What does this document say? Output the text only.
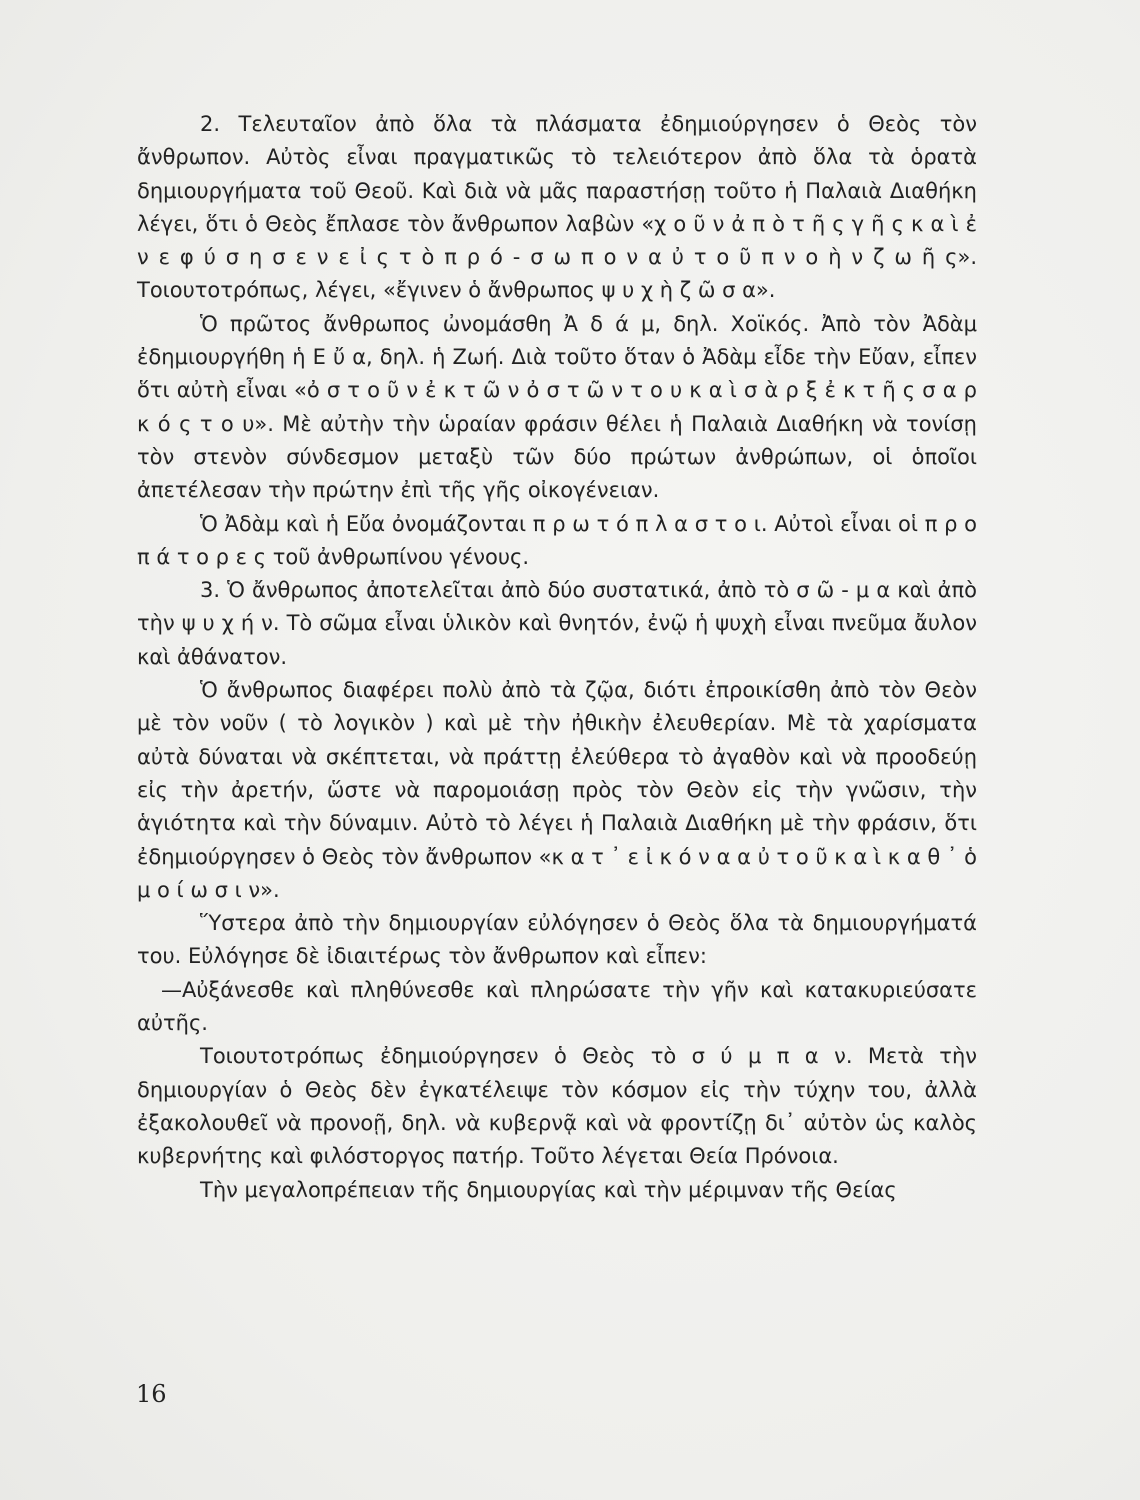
2. Τελευταῖον ἀπὸ ὅλα τὰ πλάσματα ἐδημιούργησεν ὁ Θεὸς τὸν ἄνθρωπον. Αὐτὸς εἶναι πραγματικῶς τὸ τελειότερον ἀπὸ ὅλα τὰ ὁρατὰ δημιουργήματα τοῦ Θεοῦ. Καὶ διὰ νὰ μᾶς παραστήσῃ τοῦτο ἡ Παλαιὰ Διαθήκη λέγει, ὅτι ὁ Θεὸς ἔπλασε τὸν ἄνθρωπον λαβὼν «χ ο ῦ ν ἀ π ὸ τ ῆ ς γ ῆ ς κ α ὶ ἐ ν ε φ ύ σ η σ ε ν ε ἰ ς τ ὸ π ρ ό - σ ω π ο ν α ὐ τ ο ῦ π ν ο ὴ ν ζ ω ῆ ς». Τοιουτοτρόπως, λέγει, «ἔγινεν ὁ ἄνθρωπος ψ υ χ ὴ ζ ῶ σ α».

Ὁ πρῶτος ἄνθρωπος ὠνομάσθη Ἀ δ ά μ, δηλ. Χοϊκός. Ἀπὸ τὸν Ἀδὰμ ἐδημιουργήθη ἡ Ε ὔ α, δηλ. ἡ Ζωή. Διὰ τοῦτο ὅταν ὁ Ἀδὰμ εἶδε τὴν Εὔαν, εἶπεν ὅτι αὐτὴ εἶναι «ὀ σ τ ο ῦ ν ἐ κ τ ῶ ν ὀ σ τ ῶ ν τ ο υ κ α ὶ σ ὰ ρ ξ ἐ κ τ ῆ ς σ α ρ κ ό ς τ ο υ». Μὲ αὐτὴν τὴν ὡραίαν φράσιν θέλει ἡ Παλαιὰ Διαθήκη νὰ τονίσῃ τὸν στενὸν σύνδεσμον μεταξὺ τῶν δύο πρώτων ἀνθρώπων, οἱ ὁποῖοι ἀπετέλεσαν τὴν πρώτην ἐπὶ τῆς γῆς οἰκογένειαν.

Ὁ Ἀδὰμ καὶ ἡ Εὔα ὀνομάζονται π ρ ω τ ό π λ α σ τ ο ι. Αὐτοὶ εἶναι οἱ π ρ ο π ά τ ο ρ ε ς τοῦ ἀνθρωπίνου γένους.

3. Ὁ ἄνθρωπος ἀποτελεῖται ἀπὸ δύο συστατικά, ἀπὸ τὸ σ ῶ - μ α καὶ ἀπὸ τὴν ψ υ χ ή ν. Τὸ σῶμα εἶναι ὑλικὸν καὶ θνητόν, ἐνῷ ἡ ψυχὴ εἶναι πνεῦμα ἄυλον καὶ ἀθάνατον.

Ὁ ἄνθρωπος διαφέρει πολὺ ἀπὸ τὰ ζῷα, διότι ἐπροικίσθη ἀπὸ τὸν Θεὸν μὲ τὸν νοῦν ( τὸ λογικὸν ) καὶ μὲ τὴν ἠθικὴν ἐλευθερίαν. Μὲ τὰ χαρίσματα αὐτὰ δύναται νὰ σκέπτεται, νὰ πράττῃ ἐλεύθερα τὸ ἀγαθὸν καὶ νὰ προοδεύῃ εἰς τὴν ἀρετήν, ὥστε νὰ παρομοιάσῃ πρὸς τὸν Θεὸν εἰς τὴν γνῶσιν, τὴν ἁγιότητα καὶ τὴν δύναμιν. Αὐτὸ τὸ λέγει ἡ Παλαιὰ Διαθήκη μὲ τὴν φράσιν, ὅτι ἐδημιούργησεν ὁ Θεὸς τὸν ἄνθρωπον «κ α τ ᾿ ε ἰ κ ό ν α α ὐ τ ο ῦ κ α ὶ κ α θ ᾿ ὁ μ ο ί ω σ ι ν».

Ὕστερα ἀπὸ τὴν δημιουργίαν εὐλόγησεν ὁ Θεὸς ὅλα τὰ δημιουργήματά του. Εὐλόγησε δὲ ἰδιαιτέρως τὸν ἄνθρωπον καὶ εἶπεν:

—Αὐξάνεσθε καὶ πληθύνεσθε καὶ πληρώσατε τὴν γῆν καὶ κατακυριεύσατε αὐτῆς.

Τοιουτοτρόπως ἐδημιούργησεν ὁ Θεὸς τὸ σ ύ μ π α ν. Μετὰ τὴν δημιουργίαν ὁ Θεὸς δὲν ἐγκατέλειψε τὸν κόσμον εἰς τὴν τύχην του, ἀλλὰ ἐξακολουθεῖ νὰ προνοῇ, δηλ. νὰ κυβερνᾷ καὶ νὰ φροντίζῃ δι᾿ αὐτὸν ὡς καλὸς κυβερνήτης καὶ φιλόστοργος πατήρ. Τοῦτο λέγεται Θεία Πρόνοια.

Τὴν μεγαλοπρέπειαν τῆς δημιουργίας καὶ τὴν μέριμναν τῆς Θείας

16
